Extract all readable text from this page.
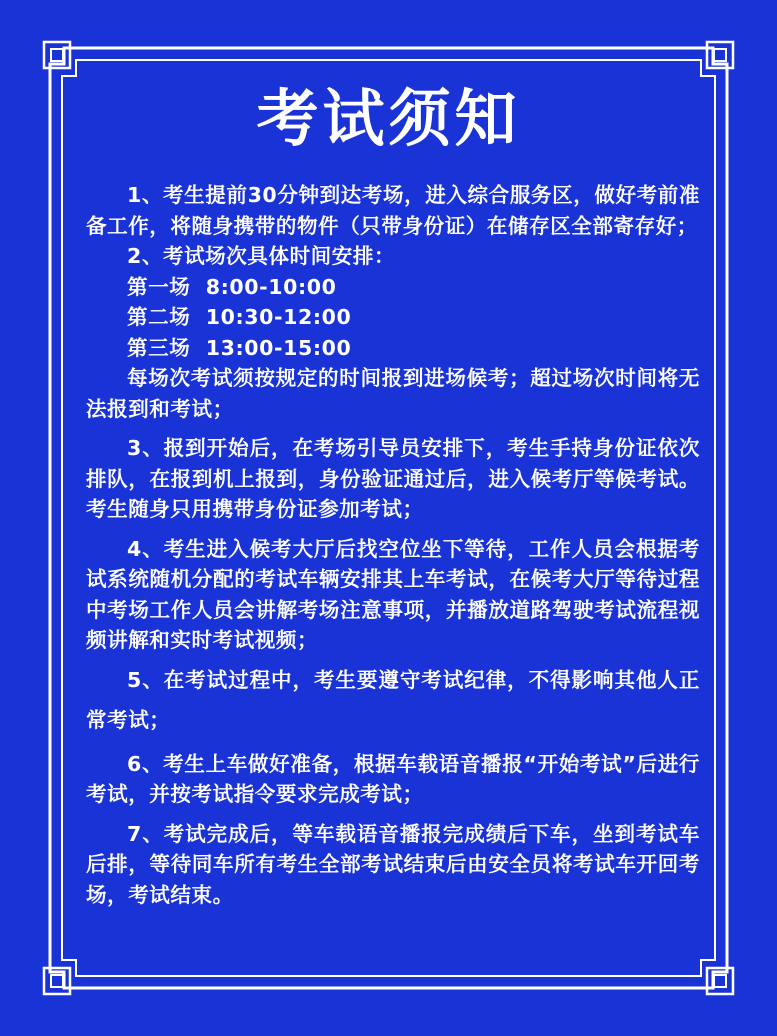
考试须知

1、考生提前30分钟到达考场，进入综合服务区，做好考前准备工作，将随身携带的物件（只带身份证）在储存区全部寄存好；

2、考试场次具体时间安排：

第一场  8:00-10:00

第二场  10:30-12:00

第三场  13:00-15:00

每场次考试须按规定的时间报到进场候考；超过场次时间将无法报到和考试；

3、报到开始后，在考场引导员安排下，考生手持身份证依次排队，在报到机上报到，身份验证通过后，进入候考厅等候考试。考生随身只用携带身份证参加考试；

4、考生进入候考大厅后找空位坐下等待，工作人员会根据考试系统随机分配的考试车辆安排其上车考试，在候考大厅等待过程中考场工作人员会讲解考场注意事项，并播放道路驾驶考试流程视频讲解和实时考试视频；

5、在考试过程中，考生要遵守考试纪律，不得影响其他人正常考试；

6、考生上车做好准备，根据车载语音播报“开始考试”后进行考试，并按考试指令要求完成考试；

7、考试完成后，等车载语音播报完成绩后下车，坐到考试车后排，等待同车所有考生全部考试结束后由安全员将考试车开回考场，考试结束。
